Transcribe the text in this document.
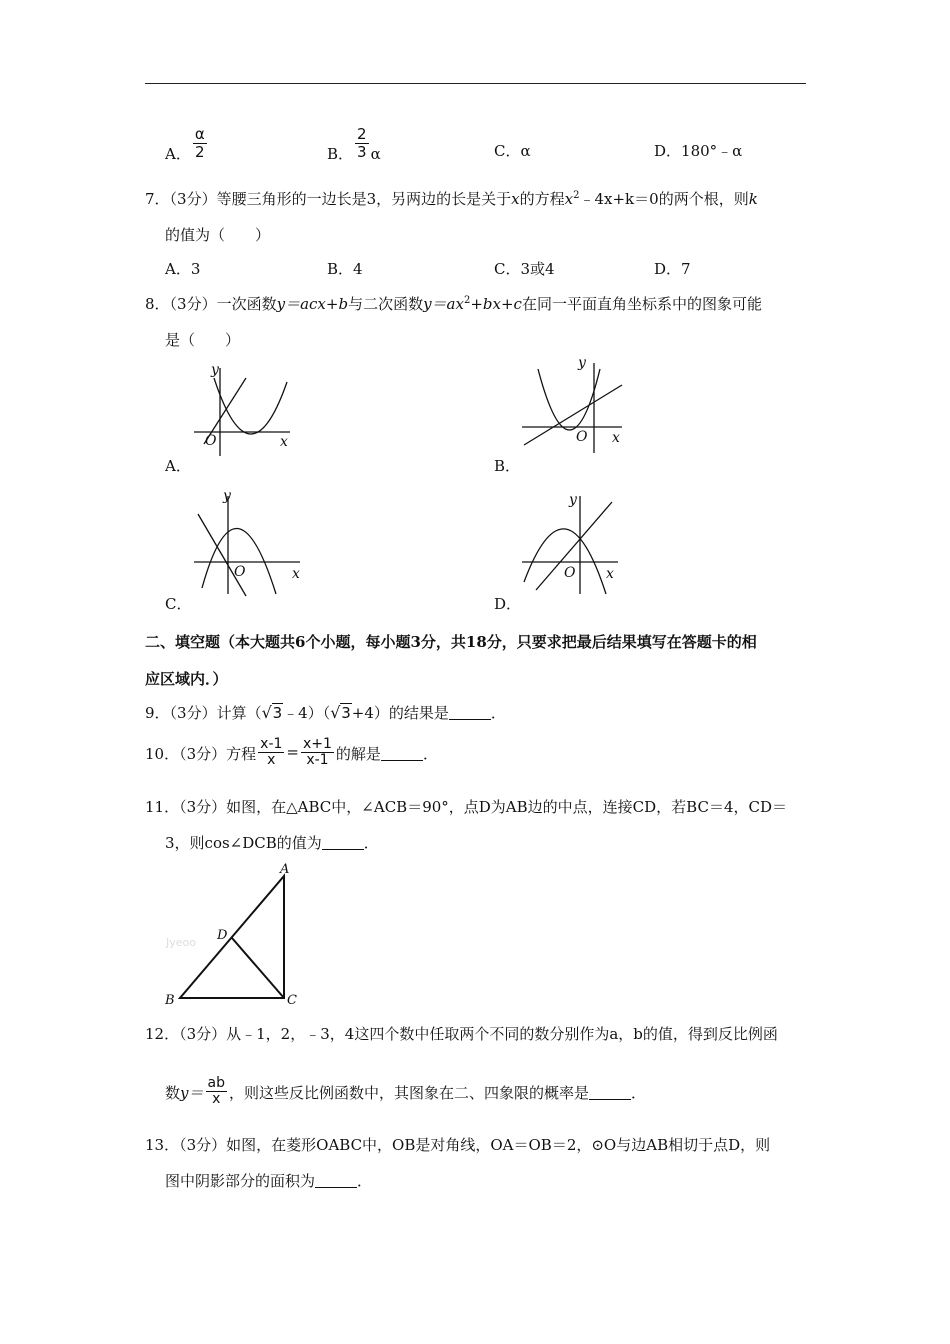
A． $\frac{\alpha}{2}$	B． $\frac{2}{3}$ α	C．α	D．180°﹣α
7．（3分）等腰三角形的一边长是3，另两边的长是关于x的方程$x^2﹣4x+k=0$的两个根，则k
的值为（　　）
A．3	B．4	C．3或4	D．7
8．（3分）一次函数y＝acx+b与二次函数$y=ax^2+bx+c$在同一平面直角坐标系中的图象可能
是（　　）
x
y
O
A．
x
y
O
B．
x
y
O
C．
x
y
O
D．
二、填空题（本大题共6个小题，每小题3分，共18分，只要求把最后结果填写在答题卡的相
应区域内．）
9．（3分）计算（ √ 3﹣4）（ √ 3+4）的结果是	．
10．（3分）方程 $\frac{x-1}{x} = \frac{x+1}{x-1}$ 的解是	．
11．（3分）如图，在△ABC中，∠ACB＝90°，点D为AB边的中点，连接CD，若BC＝4，CD＝
3，则cos∠DCB的值为	．
Jyeoo
A
B	C
D
12．（3分）从﹣1，2，﹣3，4这四个数中任取两个不同的数分别作为a，b的值，得到反比例函
数$y= \frac{ab}{x}$ ，则这些反比例函数中，其图象在二、四象限的概率是	．
13．（3分）如图，在菱形OABC中，OB是对角线，OA＝OB＝2，⊙O与边AB相切于点D，则
图中阴影部分的面积为	．
